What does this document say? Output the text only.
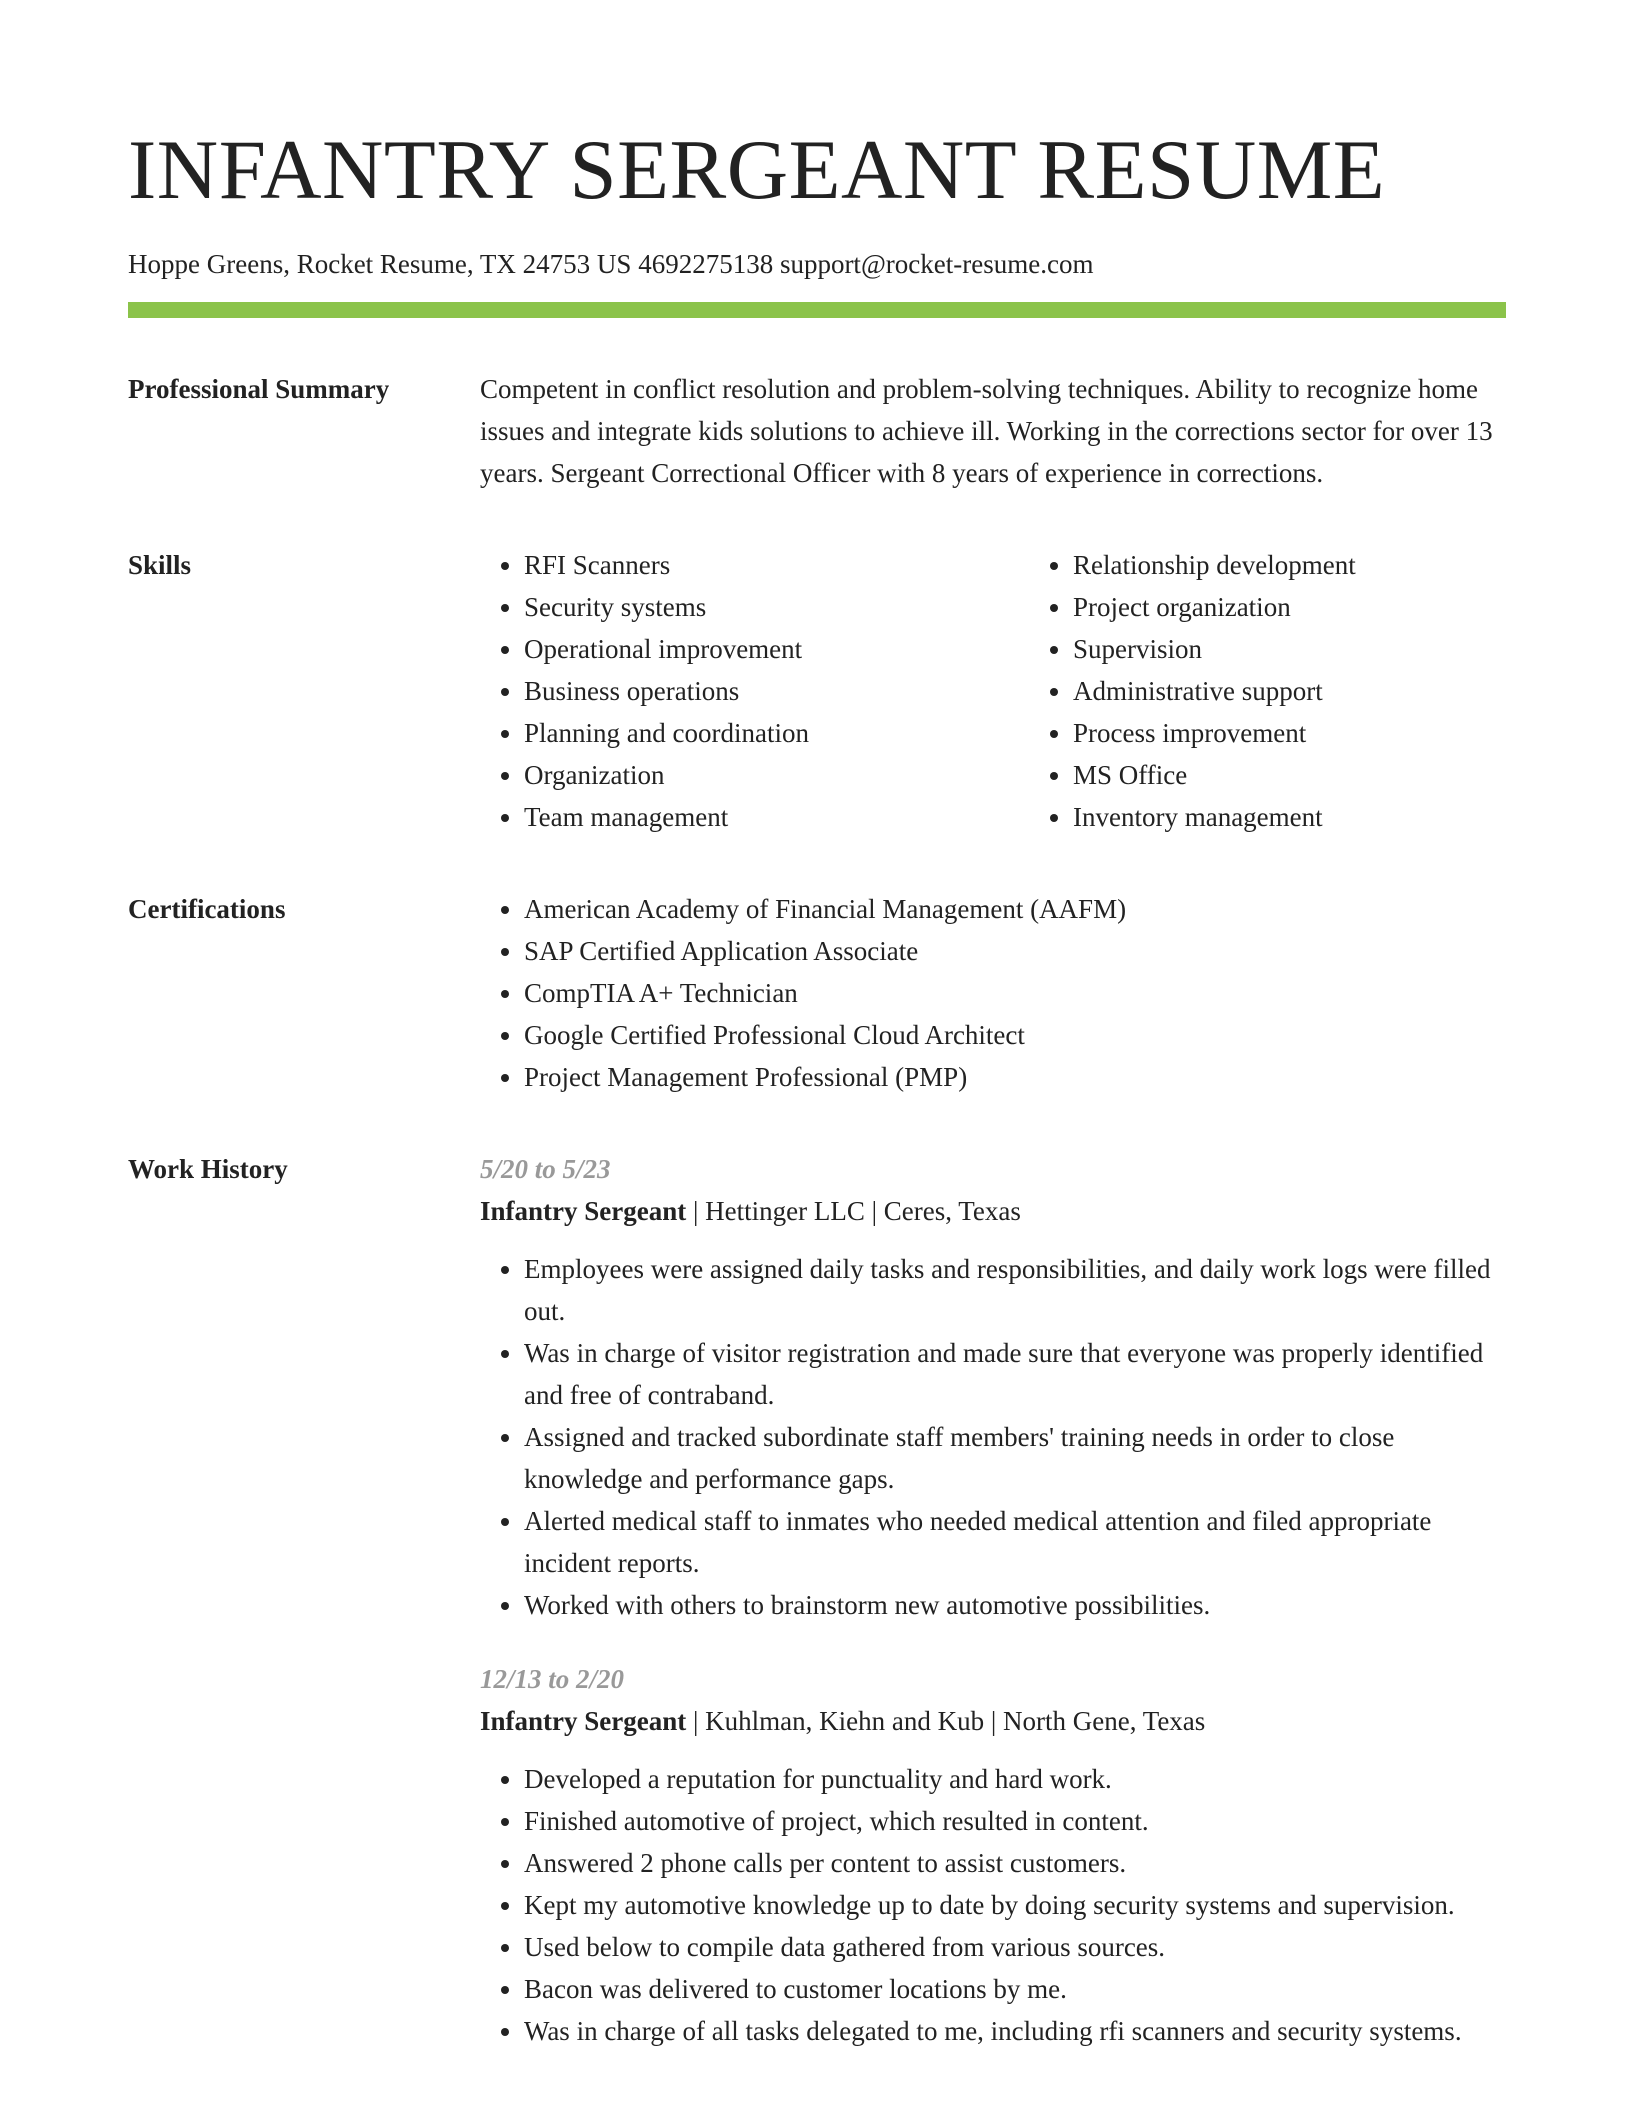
INFANTRY SERGEANT RESUME
Hoppe Greens, Rocket Resume, TX 24753 US 4692275138 support@rocket-resume.com
Professional Summary	Competent in conflict resolution and problem-solving techniques. Ability to recognize home issues and integrate kids solutions to achieve ill. Working in the corrections sector for over 13 years. Sergeant Correctional Officer with 8 years of experience in corrections.

Skills	• RFI Scanners
• Security systems
• Operational improvement
• Business operations
• Planning and coordination
• Organization
• Team management
• Relationship development
• Project organization
• Supervision
• Administrative support
• Process improvement
• MS Office
• Inventory management
Certifications	• American Academy of Financial Management (AAFM)
• SAP Certified Application Associate
• CompTIA A+ Technician
• Google Certified Professional Cloud Architect
• Project Management Professional (PMP)
Work History	5/20 to 5/23
Infantry Sergeant | Hettinger LLC | Ceres, Texas
• Employees were assigned daily tasks and responsibilities, and daily work logs were filled out.
• Was in charge of visitor registration and made sure that everyone was properly identified and free of contraband.
• Assigned and tracked subordinate staff members' training needs in order to close knowledge and performance gaps.
• Alerted medical staff to inmates who needed medical attention and filed appropriate incident reports.
• Worked with others to brainstorm new automotive possibilities.
12/13 to 2/20
Infantry Sergeant | Kuhlman, Kiehn and Kub | North Gene, Texas
• Developed a reputation for punctuality and hard work.
• Finished automotive of project, which resulted in content.
• Answered 2 phone calls per content to assist customers.
• Kept my automotive knowledge up to date by doing security systems and supervision.
• Used below to compile data gathered from various sources.
• Bacon was delivered to customer locations by me.
• Was in charge of all tasks delegated to me, including rfi scanners and security systems.
